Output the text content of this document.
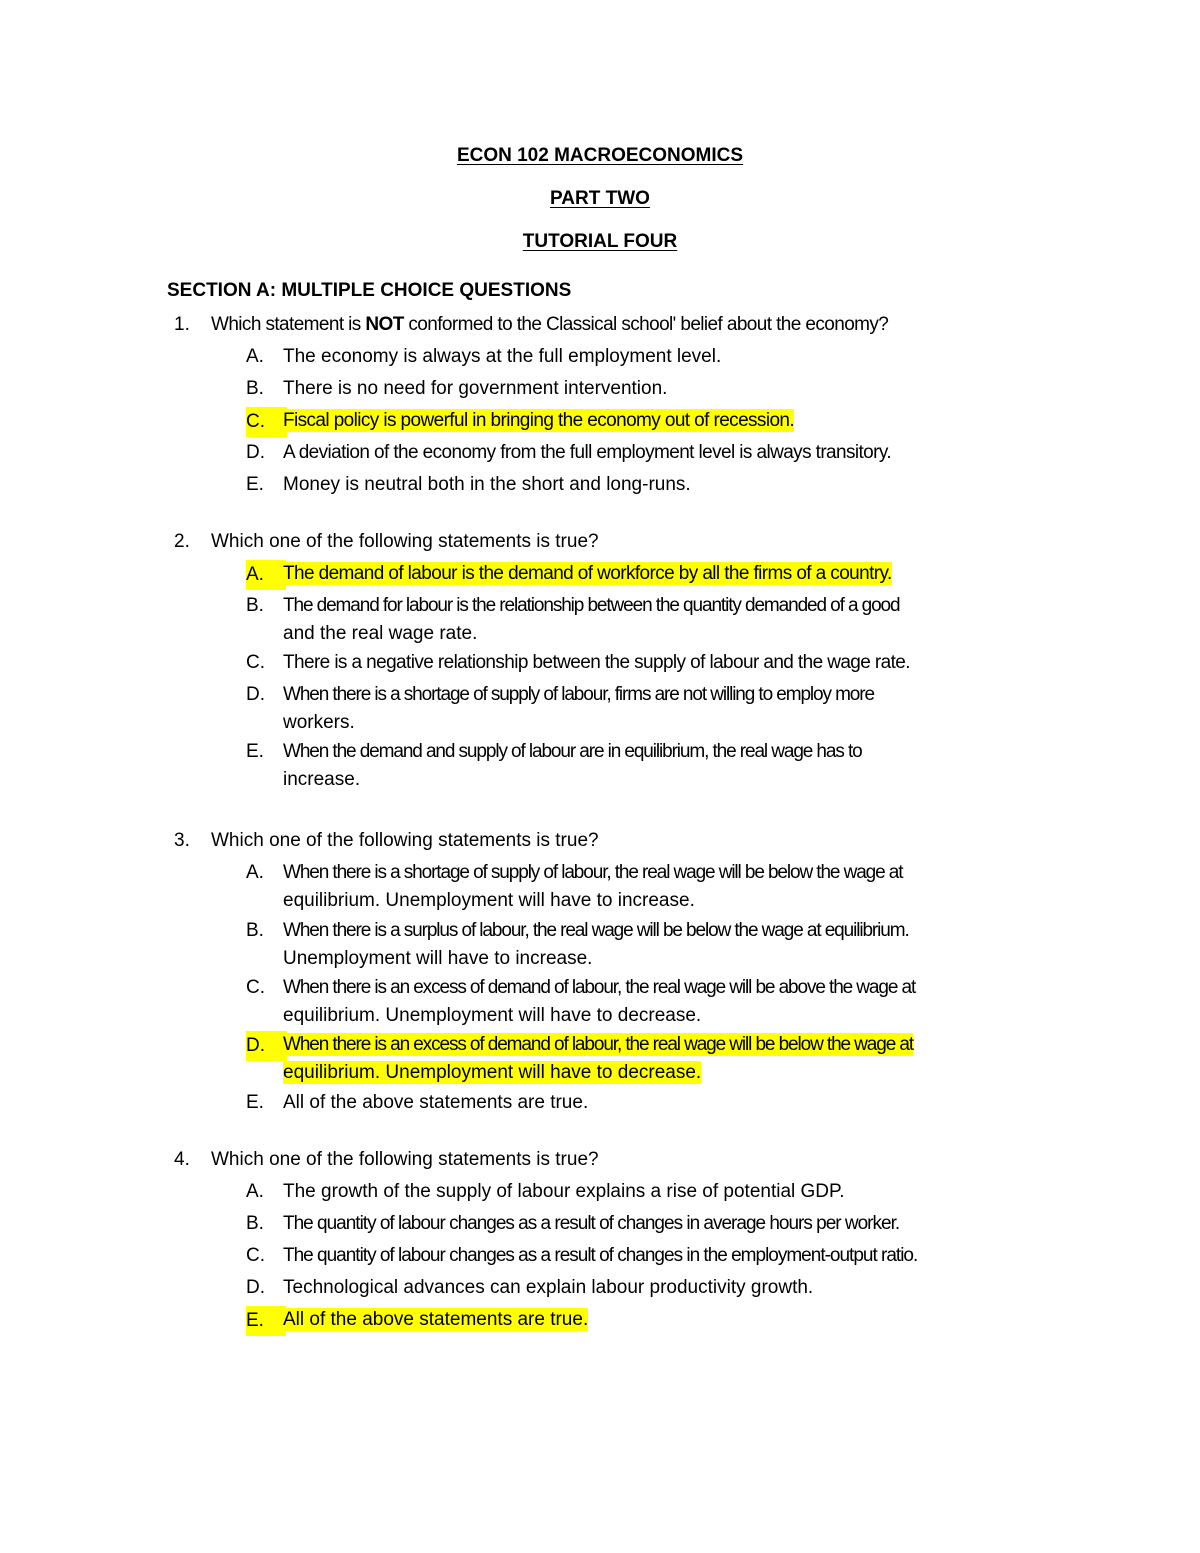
ECON 102 MACROECONOMICS
PART TWO
TUTORIAL FOUR
SECTION A: MULTIPLE CHOICE QUESTIONS
1. Which statement is NOT conformed to the Classical school' belief about the economy?
A. The economy is always at the full employment level.
B. There is no need for government intervention.
C. Fiscal policy is powerful in bringing the economy out of recession.
D. A deviation of the economy from the full employment level is always transitory.
E. Money is neutral both in the short and long-runs.
2. Which one of the following statements is true?
A.	The demand of labour is the demand of workforce by all the firms of a country.
B. The demand for labour is the relationship between the quantity demanded of a good
and the real wage rate.
C. There is a negative relationship between the supply of labour and the wage rate.
D. When there is a shortage of supply of labour, firms are not willing to employ more
workers.
E. When the demand and supply of labour are in equilibrium, the real wage has to
increase.
3. Which one of the following statements is true?
A. When there is a shortage of supply of labour, the real wage will be below the wage at
equilibrium. Unemployment will have to increase.
B. When there is a surplus of labour, the real wage will be below the wage at equilibrium.
Unemployment will have to increase.
C. When there is an excess of demand of labour, the real wage will be above the wage at
equilibrium. Unemployment will have to decrease.
D. When there is an excess of demand of labour, the real wage will be below the wage at
equilibrium. Unemployment will have to decrease.
E. All of the above statements are true.
4. Which one of the following statements is true?
A. The growth of the supply of labour explains a rise of potential GDP.
B. The quantity of labour changes as a result of changes in average hours per worker.
C. The quantity of labour changes as a result of changes in the employment-output ratio.
D. Technological advances can explain labour productivity growth.
E.	All of the above statements are true.
